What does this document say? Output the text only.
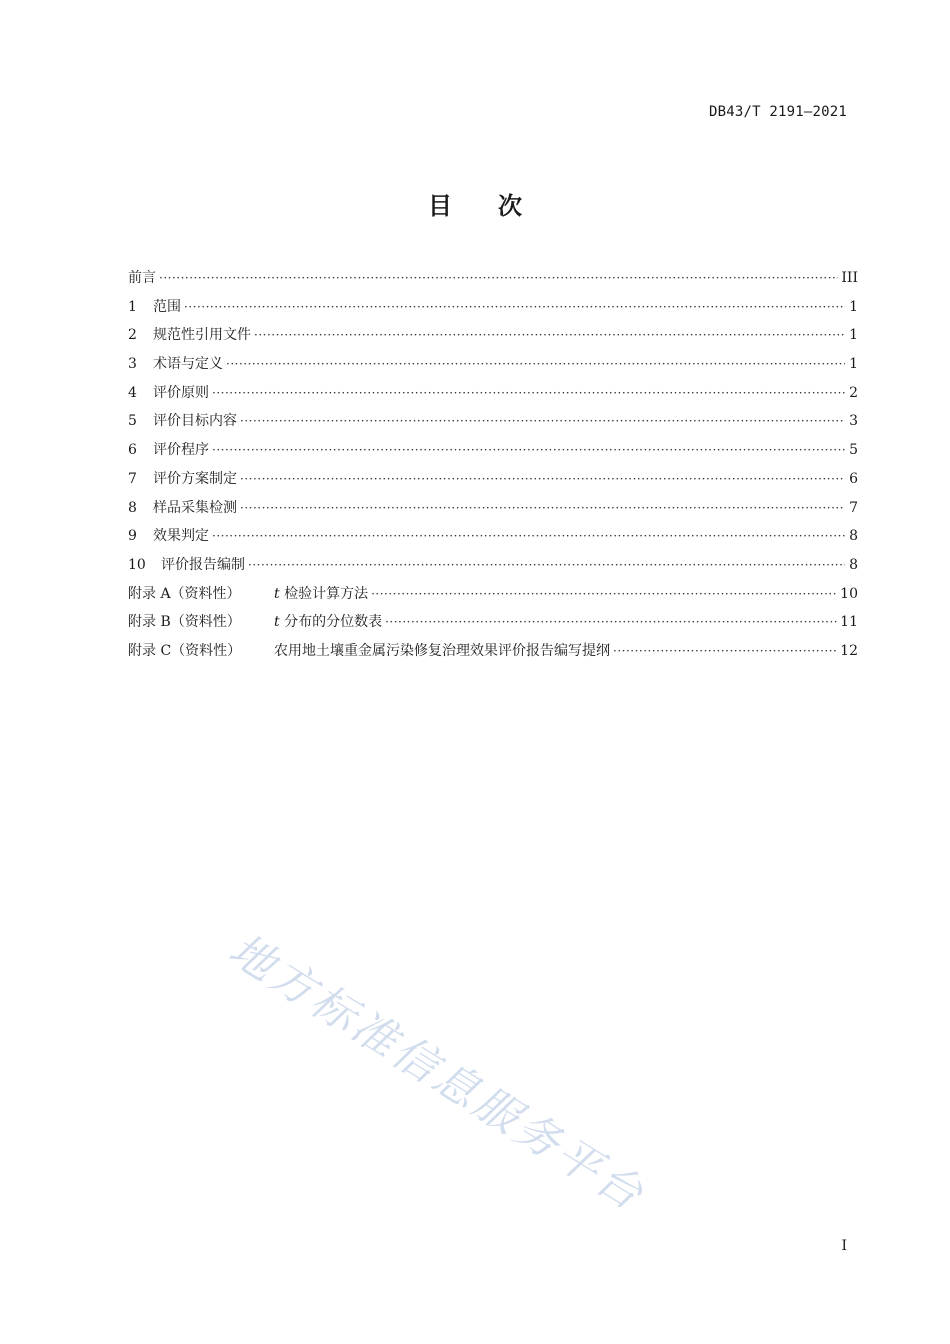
DB43/T 2191—2021
目次
前言 ·····	III
1 范围 ·····	1
2 规范性引用文件 ·····	1
3 术语与定义 ·····	1
4 评价原则 ·····	2
5 评价目标内容 ·····	3
6 评价程序 ·····	5
7 评价方案制定 ·····	6
8 样品采集检测 ·····	7
9 效果判定 ·····	8
10 评价报告编制 ·····	8
附录 A（资料性） t 检验计算方法 ·····	10
附录 B（资料性） t 分布的分位数表 ·····	11
附录 C（资料性） 农用地土壤重金属污染修复治理效果评价报告编写提纲 ·····	12
地方标准信息服务平台
I
